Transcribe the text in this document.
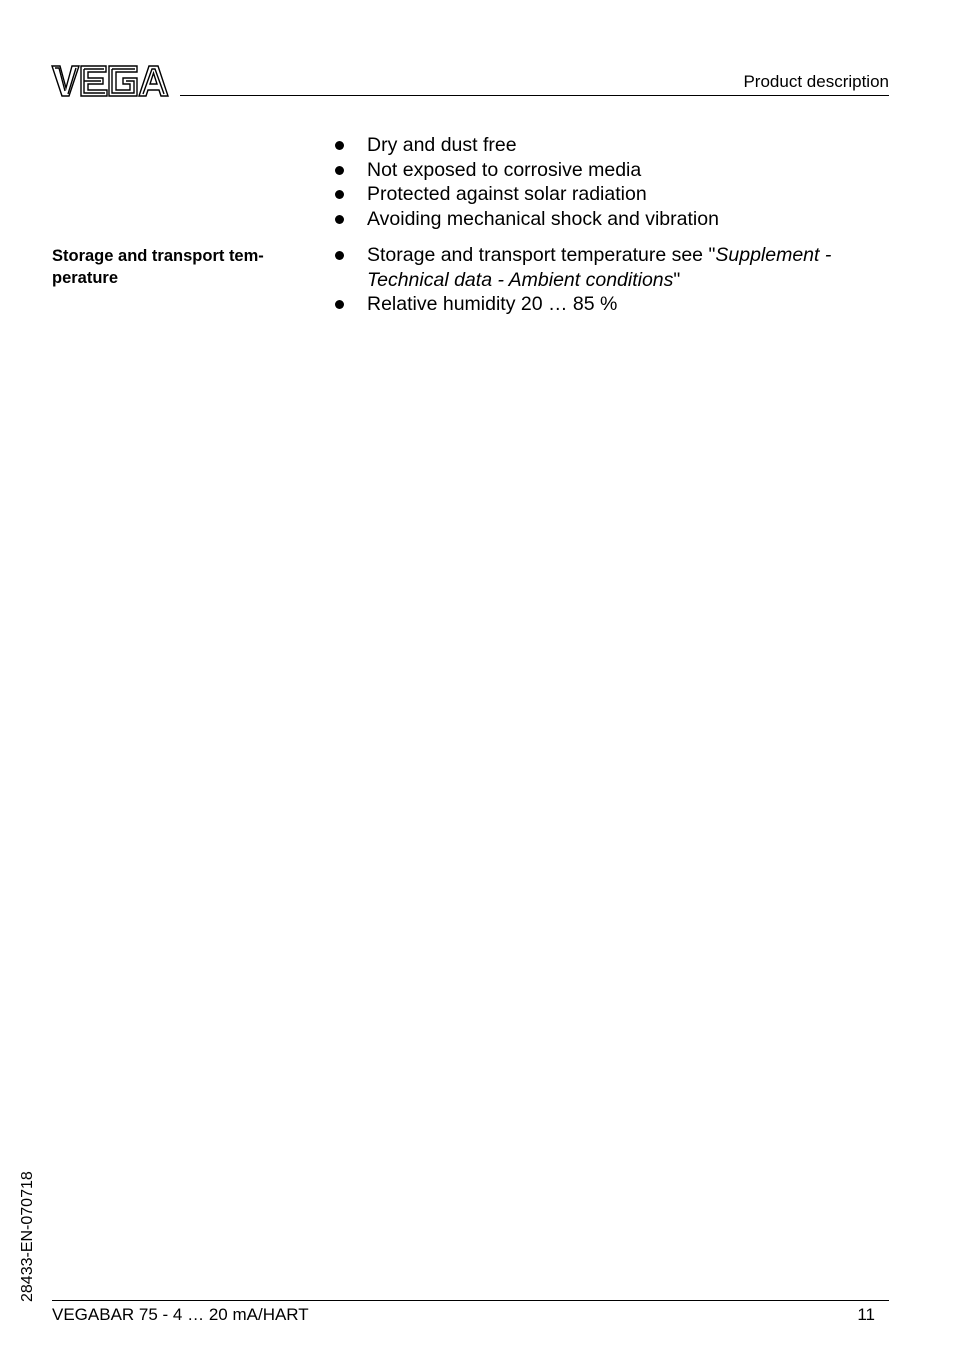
Product description
Dry and dust free
Not exposed to corrosive media
Protected against solar radiation
Avoiding mechanical shock and vibration
Storage and transport tem-
perature
Storage and transport temperature see "Supplement -
Technical data - Ambient conditions"
Relative humidity 20 … 85 %
28433-EN-070718
VEGABAR 75 - 4 … 20 mA/HART	11
